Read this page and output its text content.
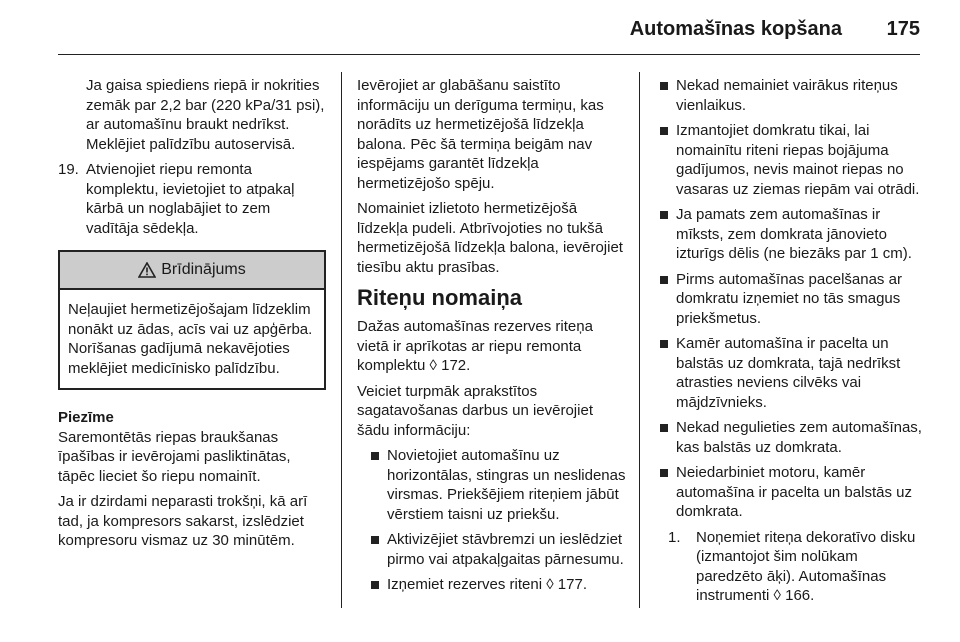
Automašīnas kopšana 175

Ja gaisa spiediens riepā ir nokrities zemāk par 2,2 bar (220 kPa/31 psi), ar automašīnu braukt nedrīkst. Meklējiet palīdzību autoservisā.

19. Atvienojiet riepu remonta komplektu, ievietojiet to atpakaļ kārbā un noglabājiet to zem vadītāja sēdekļa.
Brīdinājums
Neļaujiet hermetizējošajam līdzeklim nonākt uz ādas, acīs vai uz apģērba. Norīšanas gadījumā nekavējoties meklējiet medicīnisko palīdzību.

Piezīme

Saremontētās riepas braukšanas īpašības ir ievērojami pasliktinātas, tāpēc lieciet šo riepu nomainīt.

Ja ir dzirdami neparasti trokšņi, kā arī tad, ja kompresors sakarst, izslēdziet kompresoru vismaz uz 30 minūtēm.

Ievērojiet ar glabāšanu saistīto informāciju un derīguma termiņu, kas norādīts uz hermetizējošā līdzekļa balona. Pēc šā termiņa beigām nav iespējams garantēt līdzekļa hermetizējošo spēju.

Nomainiet izlietoto hermetizējošā līdzekļa pudeli. Atbrīvojoties no tukšā hermetizējošā līdzekļa balona, ievērojiet tiesību aktu prasības.

Riteņu nomaiņa

Dažas automašīnas rezerves riteņa vietā ir aprīkotas ar riepu remonta komplektu ◊ 172.

Veiciet turpmāk aprakstītos sagatavošanas darbus un ievērojiet šādu informāciju:

Novietojiet automašīnu uz horizontālas, stingras un neslidenas virsmas. Priekšējiem riteņiem jābūt vērstiem taisni uz priekšu.
Aktivizējiet stāvbremzi un ieslēdziet pirmo vai atpakaļgaitas pārnesumu.
Izņemiet rezerves riteni ◊ 177.
Nekad nemainiet vairākus riteņus vienlaikus.
Izmantojiet domkratu tikai, lai nomainītu riteni riepas bojājuma gadījumos, nevis mainot riepas no vasaras uz ziemas riepām vai otrādi.
Ja pamats zem automašīnas ir mīksts, zem domkrata jānovieto izturīgs dēlis (ne biezāks par 1 cm).
Pirms automašīnas pacelšanas ar domkratu izņemiet no tās smagus priekšmetus.
Kamēr automašīna ir pacelta un balstās uz domkrata, tajā nedrīkst atrasties neviens cilvēks vai mājdzīvnieks.
Nekad negulieties zem automašīnas, kas balstās uz domkrata.
Neiedarbiniet motoru, kamēr automašīna ir pacelta un balstās uz domkrata.
1.	Noņemiet riteņa dekoratīvo disku (izmantojot šim nolūkam paredzēto āķi). Automašīnas instrumenti ◊ 166.
